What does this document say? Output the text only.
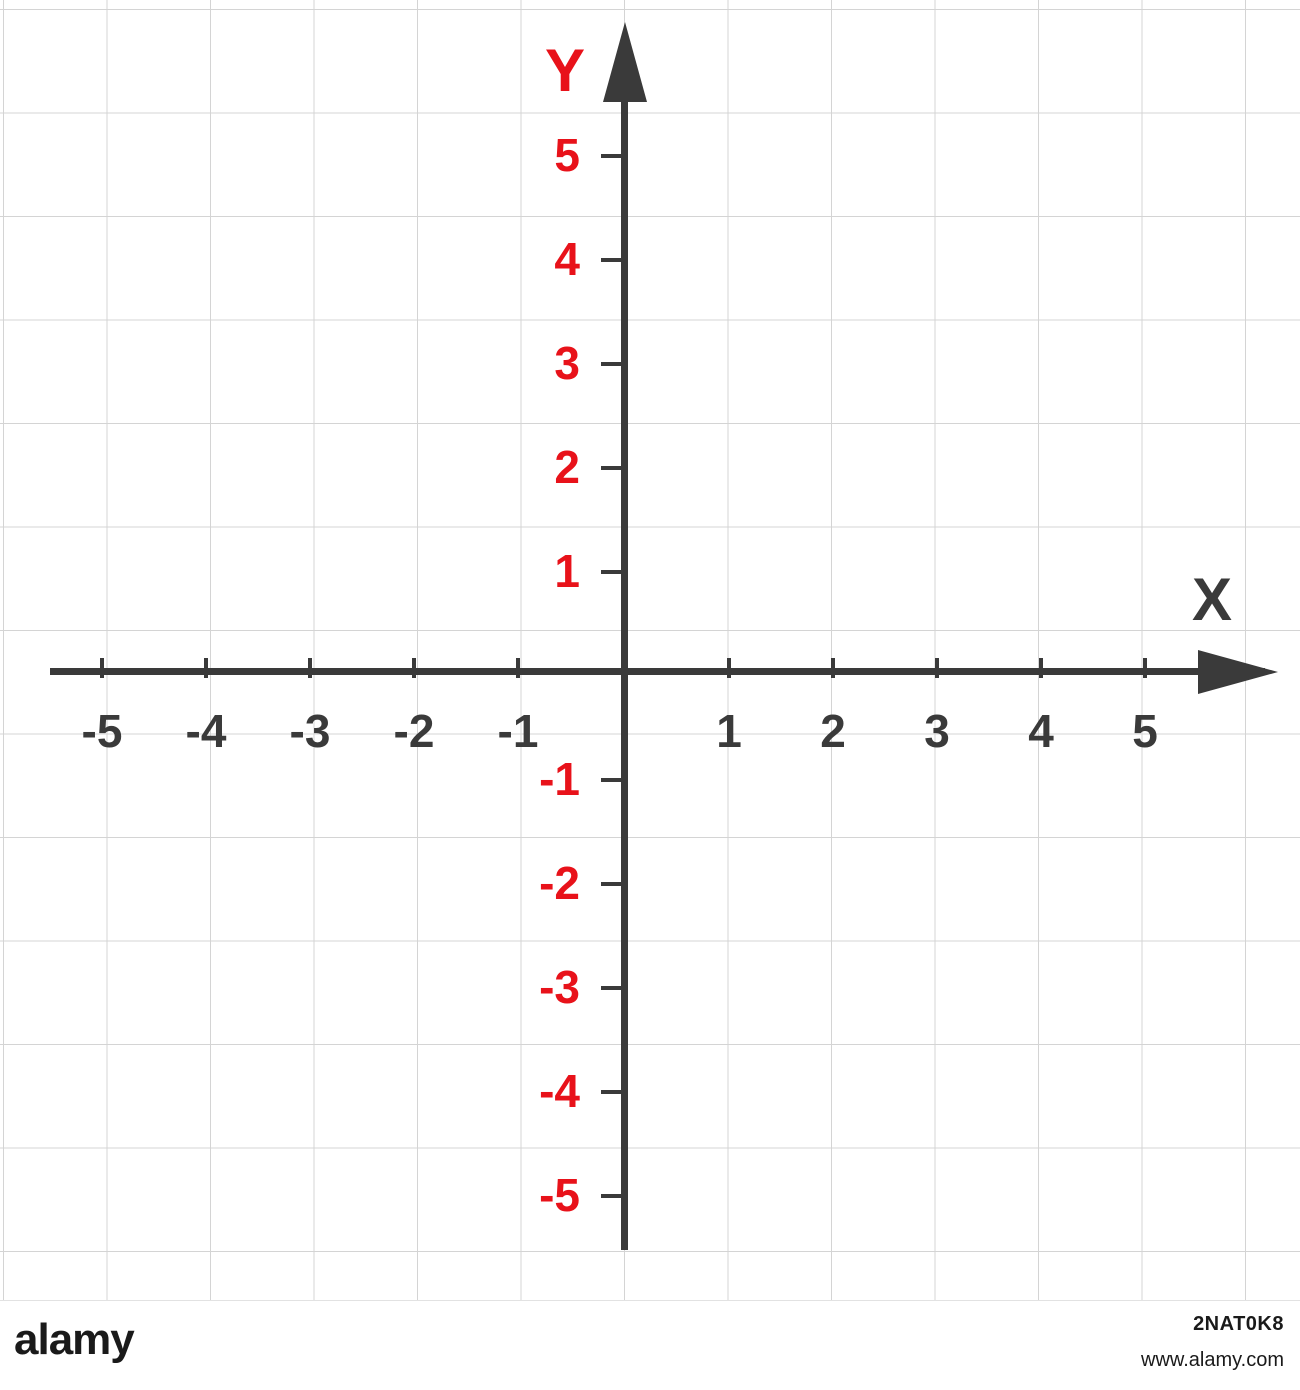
Y
X
-5	-4	-3	-2	-1	1	2	3	4	5
5
4
3
2
1
-1
-2
-3
-4
-5
alamy	2NAT0K8
www.alamy.com
